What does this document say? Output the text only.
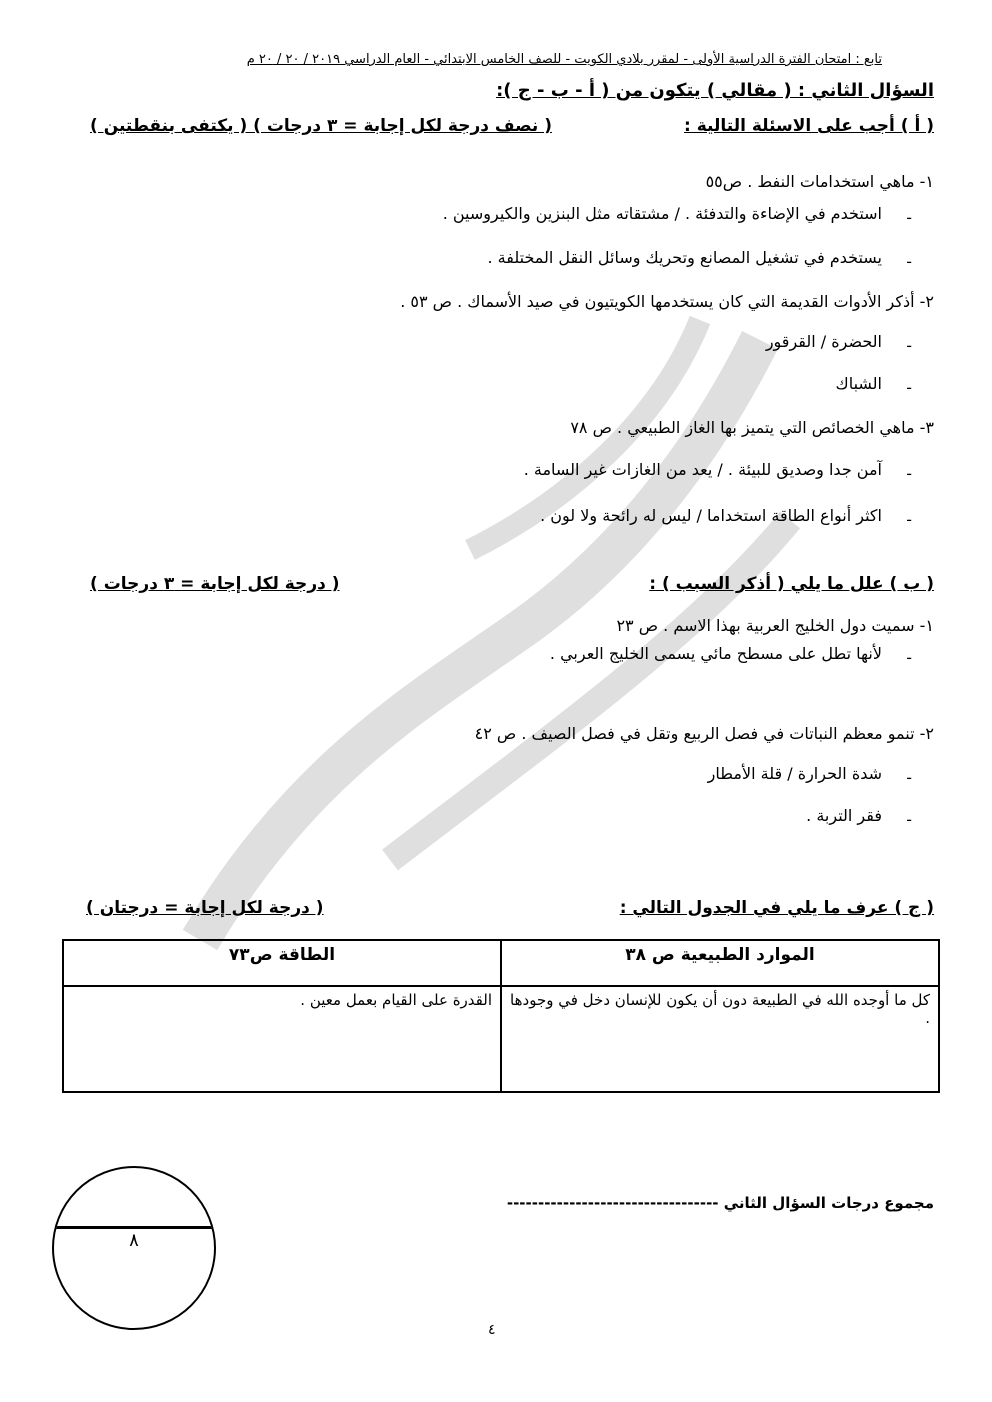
تابع : امتحان الفترة الدراسية الأولى - لمقرر بلادي الكويت - للصف الخامس الابتدائي - العام الدراسي ٢٠١٩ / ٢٠ / ٢٠ م
السؤال الثاني : ( مقالي ) يتكون من ( أ - ب - ج ):
( أ ) أجب على الاسئلة التالية :
( نصف درجة لكل إجابة = ٣ درجات ) ( يكتفى بنقطتين )
١- ماهي استخدامات النفط . ص٥٥
-
استخدم في الإضاءة والتدفئة . / مشتقاته مثل البنزين والكيروسين .
-
يستخدم في تشغيل المصانع وتحريك وسائل النقل المختلفة .
٢- أذكر الأدوات القديمة التي كان يستخدمها الكويتيون في صيد الأسماك . ص ٥٣ .
-
الحضرة / القرقور
-
الشباك
٣- ماهي الخصائص التي يتميز بها الغاز الطبيعي . ص ٧٨
-
آمن جدا وصديق للبيئة . / يعد من الغازات غير السامة .
-
اكثر أنواع الطاقة استخداما / ليس له رائحة ولا لون .
( ب ) علل ما يلي ( أذكر السبب ) :
( درجة لكل إجابة = ٣ درجات )
١- سميت دول الخليج العربية بهذا الاسم . ص ٢٣
-
لأنها تطل على مسطح مائي يسمى الخليج العربي .
٢- تنمو معظم النباتات في فصل الربيع وتقل في فصل الصيف . ص ٤٢
-
شدة الحرارة / قلة الأمطار
-
فقر التربة .
( ج ) عرف ما يلي في الجدول التالي :
( درجة لكل إجابة = درجتان )
الموارد الطبيعية ص ٣٨	الطاقة ص٧٣
كل ما أوجده الله في الطبيعة دون أن يكون للإنسان دخل في وجودها .	القدرة على القيام بعمل معين .
مجموع درجات السؤال الثاني ----------------------------------
٨
٤
